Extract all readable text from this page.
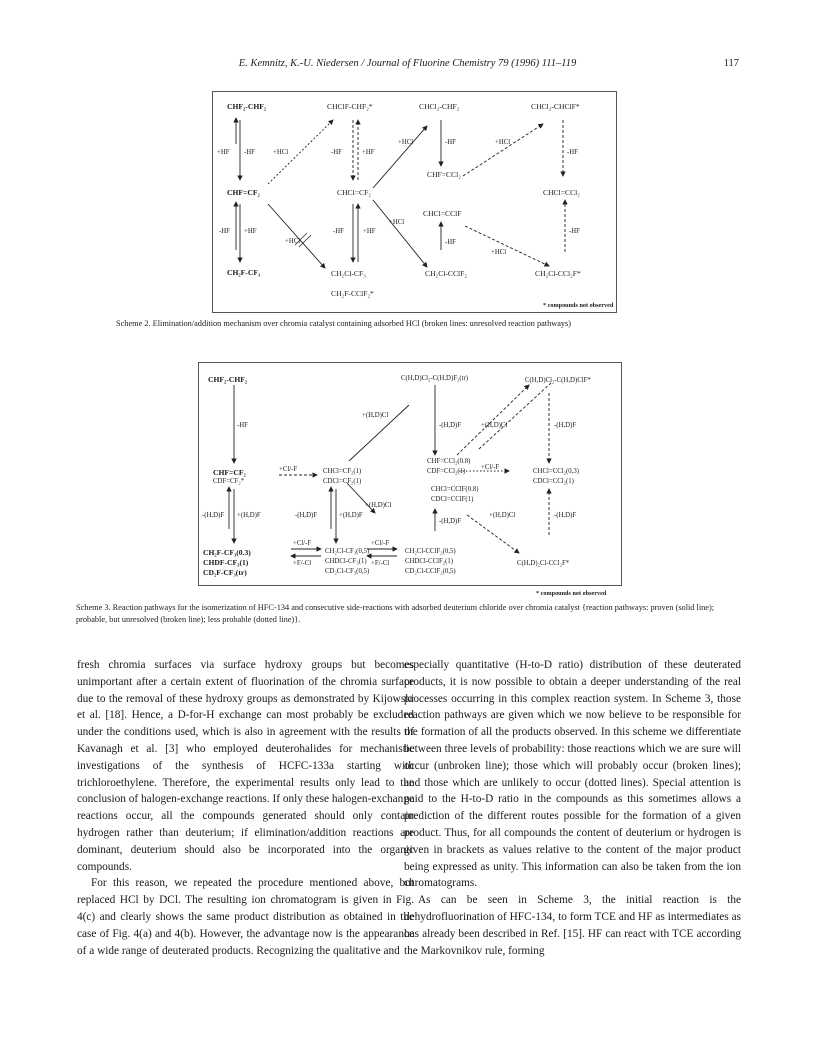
E. Kemnitz, K.-U. Niedersen / Journal of Fluorine Chemistry 79 (1996) 111–119	117
CHF₂-CHF₂	CHClF-CHF₂*	CHCl₂-CHF₂	CHCl₂-CHClF*
+HF -HF	+HCl	-HF	+HF
+HCl	-HF	+HCl
-HF
CHF=CCl₂
CHF=CF₂	CHCl=CF₂	CHCl=CCl₂
CHCl=CClF
-HF +HF
+HCl
-HF	+HF
+HCl
-HF
+HCl
-HF
CH₂F-CF₃	CH₂Cl-CF₃	CH₂Cl-CClF₂	CH₂Cl-CCl₂F*
CH₂F-CClF₂*
* compounds not observed
Scheme 2. Elimination/addition mechanism over chromia catalyst containing adsorbed HCl (broken lines: unresolved reaction pathways)
CHF₂-CHF₂	C(H,D)Cl₂-C(H,D)F₂(tr)	C(H,D)Cl₂-C(H,D)ClF*
-HF
+(H,D)Cl
-(H,D)F	+(H,D)Cl	-(H,D)F
CHF=CCl₂(0.8)
CHF=CF₂
CDF=CF₂*
+Cl/-F	CHCl=CF₂(1)
CDCl=CF₂(1)
CDF=CCl₂(1)
+Cl/-F
CHCl=CCl₂(0,3)
CDCl=CCl₂(1)
CHCl=CClF(0.8)
CDCl=CClF(1)
-(H,D)F +(H,D)F	-(H,D)F	+(H,D)F
+(H,D)Cl
-(H,D)F
+(H,D)Cl	-(H,D)F
CH₂F-CF₃(0.3)
CHDF-CF₃(1)
CD₂F-CF₃(tr)
+Cl/-F
+F/-Cl
CH₂Cl-CF₃(0,5)
CHDCl-CF₃(1)
CD₂Cl-CF₃(0,5)
+Cl/-F
+F/-Cl
CH₂Cl-CClF₂(0,5)
CHDCl-CClF₂(1)
CD₂Cl-CClF₂(0,5)
C(H,D)₂Cl-CCl₂F*
* compounds not observed
Scheme 3. Reaction pathways for the isomerization of HFC-134 and consecutive side-reactions with adsorbed deuterium chloride over chromia catalyst {reaction pathways: proven (solid line); probable, but unresolved (broken line); less probable (dotted line)}.

fresh chromia surfaces via surface hydroxy groups but becomes unimportant after a certain extent of fluorination of the chromia surface due to the removal of these hydroxy groups as demonstrated by Kijowski et al. [18]. Hence, a D-for-H exchange can most probably be excluded under the conditions used, which is also in agreement with the results of Kavanagh et al. [3] who employed deuterohalides for mechanistic investigations of the synthesis of HCFC-133a starting with trichloroethylene. Therefore, the experimental results only lead to the conclusion of halogen-exchange reactions. If only these halogen-exchange reactions occur, all the compounds generated should only contain hydrogen rather than deuterium; if elimination/addition reactions are dominant, deuterium should also be incorporated into the organic compounds.

For this reason, we repeated the procedure mentioned above, but replaced HCl by DCl. The resulting ion chromatogram is given in Fig. 4(c) and clearly shows the same product distribution as obtained in the case of Fig. 4(a) and 4(b). However, the advantage now is the appearance of a wide range of deuterated products. Recognizing the qualitative and

especially quantitative (H-to-D ratio) distribution of these deuterated products, it is now possible to obtain a deeper understanding of the real processes occurring in this complex reaction system. In Scheme 3, those reaction pathways are given which we now believe to be responsible for the formation of all the products observed. In this scheme we differentiate between three levels of probability: those reactions which we are sure will occur (unbroken line); those which will probably occur (broken lines); and those which are unlikely to occur (dotted lines). Special attention is paid to the H-to-D ratio in the compounds as this sometimes allows a prediction of the different routes possible for the formation of a given product. Thus, for all compounds the content of deuterium or hydrogen is given in brackets as values relative to the content of the major product being expressed as unity. This information can also be taken from the ion chromatograms.

As can be seen in Scheme 3, the initial reaction is the dehydrofluorination of HFC-134, to form TCE and HF as intermediates as has already been described in Ref. [15]. HF can react with TCE according the Markovnikov rule, forming
